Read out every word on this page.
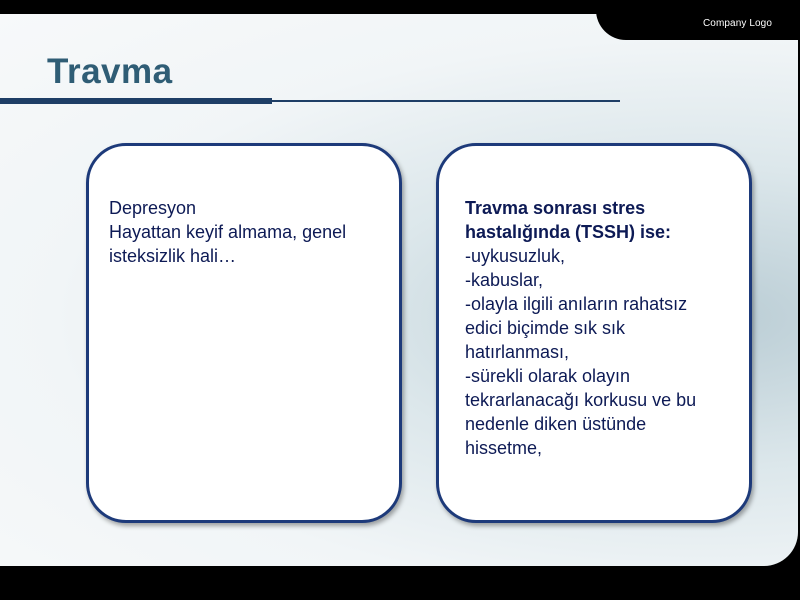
Company Logo
Travma
Depresyon
Hayattan keyif almama, genel
isteksizlik hali…
Travma sonrası stres
hastalığında (TSSH) ise:
-uykusuzluk,
-kabuslar,
-olayla ilgili anıların rahatsız
edici biçimde sık sık
hatırlanması,
-sürekli olarak olayın
tekrarlanacağı korkusu ve bu
nedenle diken üstünde
hissetme,
